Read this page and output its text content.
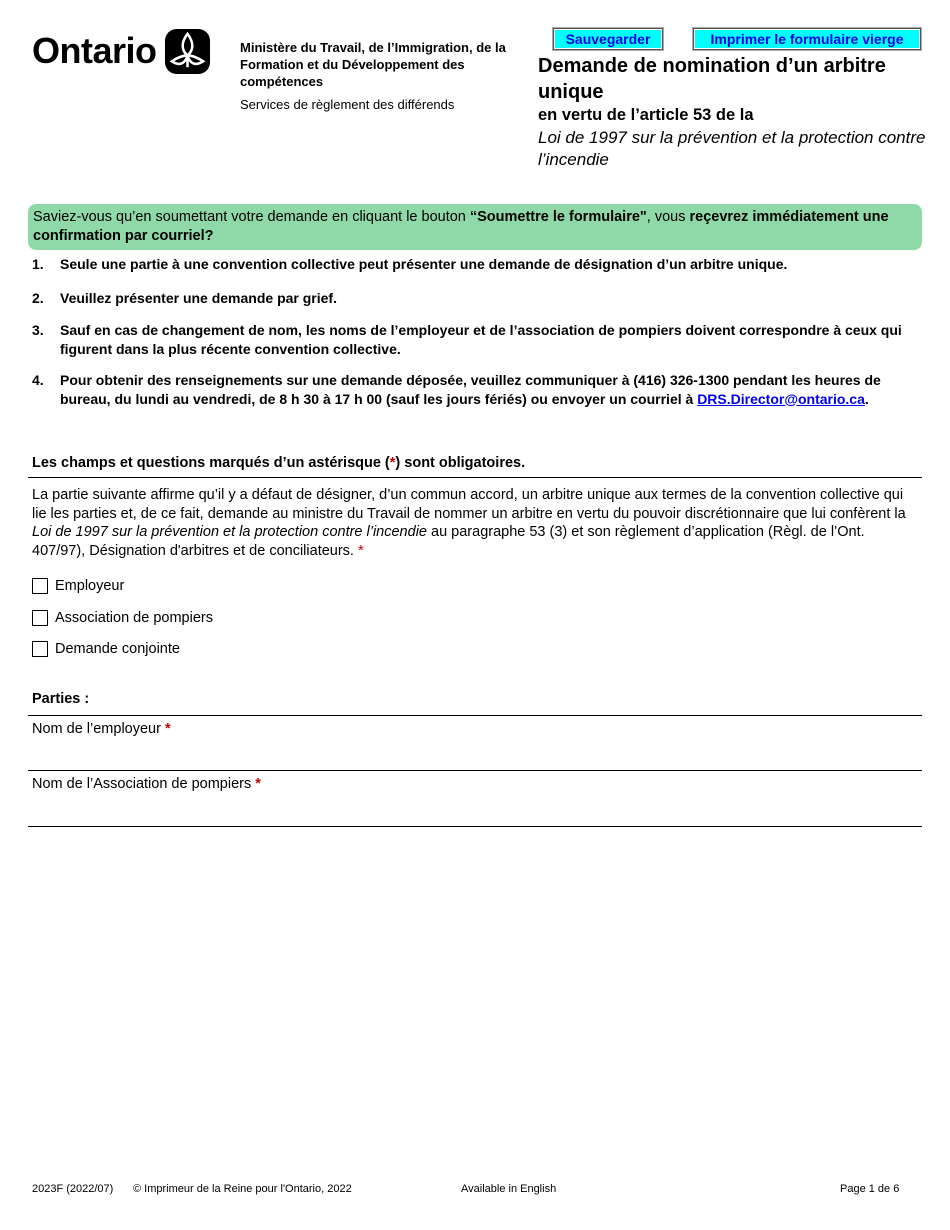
Ontario	Ministère du Travail, de l’Immigration, de la Formation et du Développement des compétences
Services de règlement des différends
Sauvegarder	Imprimer le formulaire vierge
Demande de nomination d’un arbitre unique
en vertu de l’article 53 de la
Loi de 1997 sur la prévention et la protection contre l’incendie
Saviez-vous qu’en soumettant votre demande en cliquant le bouton “Soumettre le formulaire", vous reçevrez immédiatement une confirmation par courriel?
1. Seule une partie à une convention collective peut présenter une demande de désignation d’un arbitre unique.
2. Veuillez présenter une demande par grief.
3. Sauf en cas de changement de nom, les noms de l’employeur et de l’association de pompiers doivent correspondre à ceux qui figurent dans la plus récente convention collective.
4. Pour obtenir des renseignements sur une demande déposée, veuillez communiquer à (416) 326-1300 pendant les heures de bureau, du lundi au vendredi, de 8 h 30 à 17 h 00 (sauf les jours fériés) ou envoyer un courriel à DRS.Director@ontario.ca.
Les champs et questions marqués d’un astérisque (*) sont obligatoires.
La partie suivante affirme qu’il y a défaut de désigner, d’un commun accord, un arbitre unique aux termes de la convention collective qui lie les parties et, de ce fait, demande au ministre du Travail de nommer un arbitre en vertu du pouvoir discrétionnaire que lui confèrent la Loi de 1997 sur la prévention et la protection contre l’incendie au paragraphe 53 (3) et son règlement d’application (Règl. de l’Ont. 407/97), Désignation d'arbitres et de conciliateurs. *
Employeur
Association de pompiers
Demande conjointe
Parties :
Nom de l’employeur *
Nom de l’Association de pompiers *
2023F (2022/07) © Imprimeur de la Reine pour l'Ontario, 2022	Available in English	Page 1 de 6
